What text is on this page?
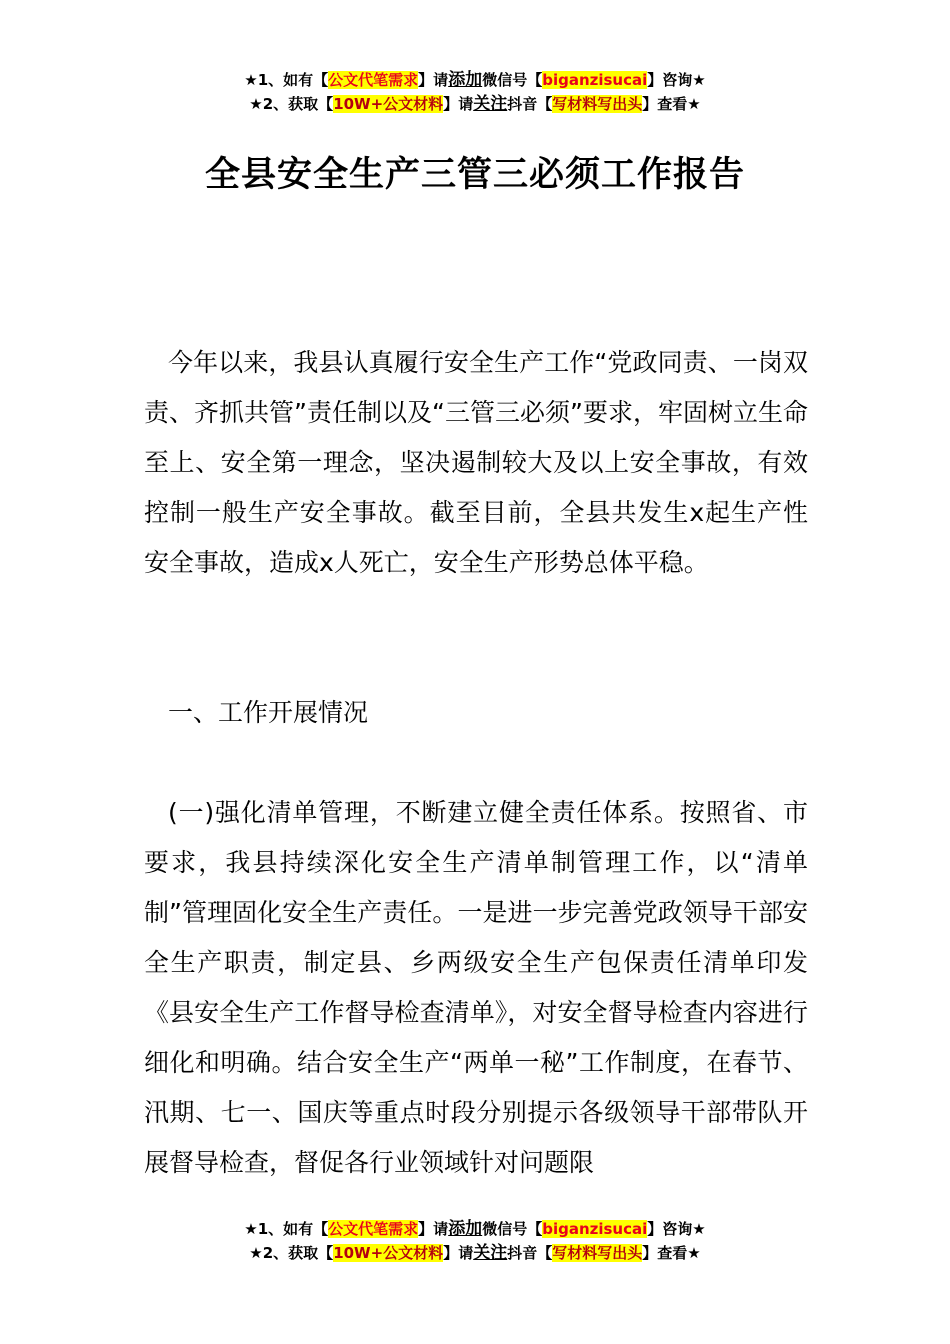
★1、如有【公文代笔需求】请添加微信号【biganzisucai】咨询★
★2、获取【10W+公文材料】请关注抖音【写材料写出头】查看★
全县安全生产三管三必须工作报告

今年以来，我县认真履行安全生产工作“党政同责、一岗双责、齐抓共管”责任制以及“三管三必须”要求，牢固树立生命至上、安全第一理念，坚决遏制较大及以上安全事故，有效控制一般生产安全事故。截至目前，全县共发生x起生产性安全事故，造成x人死亡，安全生产形势总体平稳。

一、工作开展情况

(一)强化清单管理，不断建立健全责任体系。按照省、市要求，我县持续深化安全生产清单制管理工作，以“清单制”管理固化安全生产责任。一是进一步完善党政领导干部安全生产职责，制定县、乡两级安全生产包保责任清单印发《县安全生产工作督导检查清单》，对安全督导检查内容进行细化和明确。结合安全生产“两单一秘”工作制度，在春节、汛期、七一、国庆等重点时段分别提示各级领导干部带队开展督导检查，督促各行业领域针对问题限

★1、如有【公文代笔需求】请添加微信号【biganzisucai】咨询★
★2、获取【10W+公文材料】请关注抖音【写材料写出头】查看★
